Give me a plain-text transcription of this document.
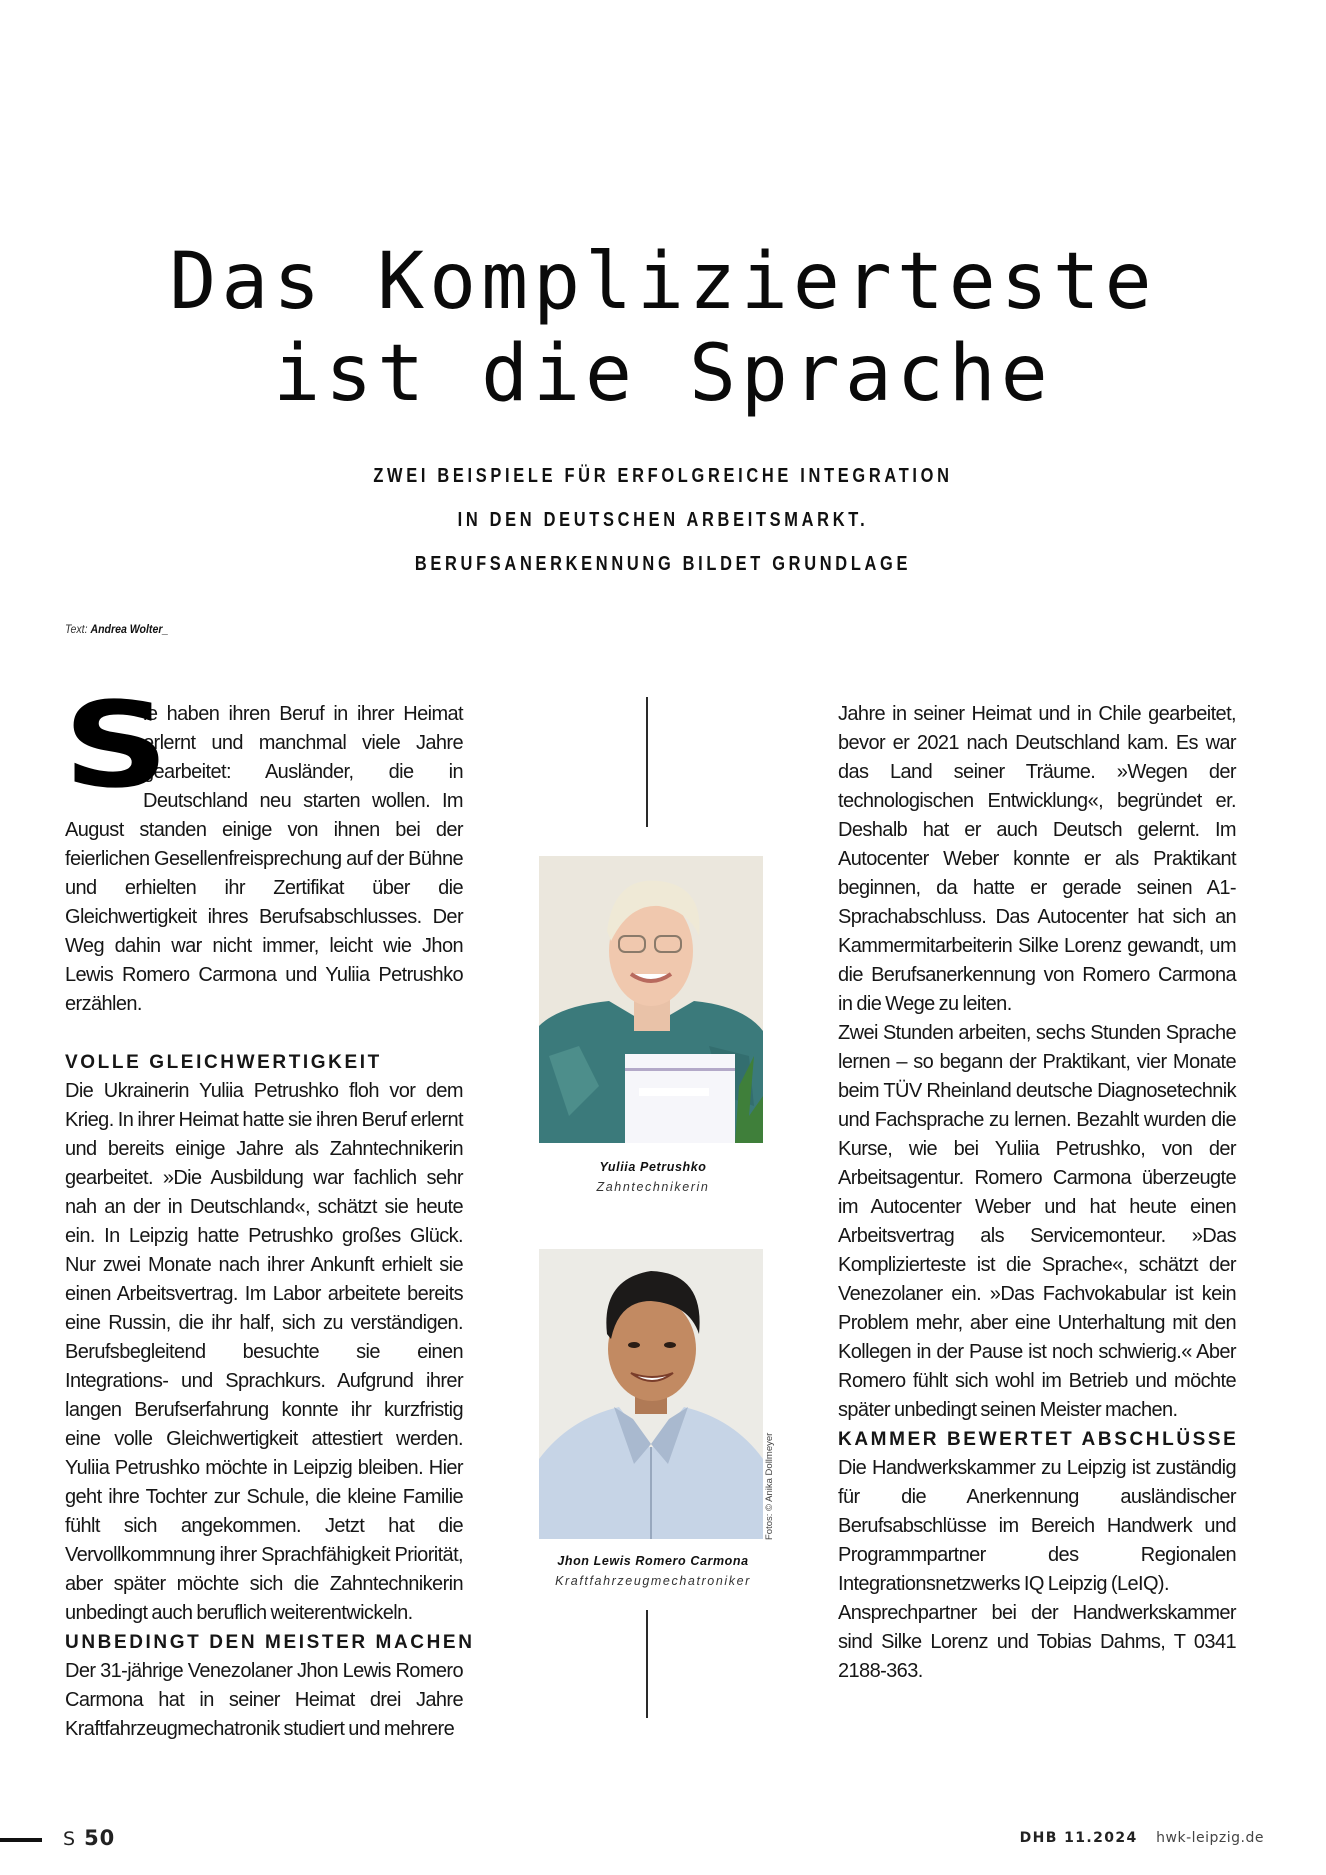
Das Komplizierteste
ist die Sprache
ZWEI BEISPIELE FÜR ERFOLGREICHE INTEGRATION
IN DEN DEUTSCHEN ARBEITSMARKT.
BERUFSANERKENNUNG BILDET GRUNDLAGE
Text: Andrea Wolter_
S

ie haben ihren Beruf in ihrer Heimat erlernt und manchmal viele Jahre gearbeitet: Ausländer, die in Deutschland neu starten wollen. Im August standen einige von ihnen bei der feierlichen Gesellenfreisprechung auf der Bühne und erhielten ihr Zertifikat über die Gleichwertigkeit ihres Berufsabschlusses. Der Weg dahin war nicht immer, leicht wie Jhon Lewis Romero Carmona und Yuliia Petrushko erzählen.

VOLLE GLEICHWERTIGKEIT

Die Ukrainerin Yuliia Petrushko floh vor dem Krieg. In ihrer Heimat hatte sie ihren Beruf erlernt und bereits einige Jahre als Zahntechnikerin gearbeitet. »Die Ausbildung war fachlich sehr nah an der in Deutschland«, schätzt sie heute ein. In Leipzig hatte Petrushko großes Glück. Nur zwei Monate nach ihrer Ankunft erhielt sie einen Arbeitsvertrag. Im Labor arbeitete bereits eine Russin, die ihr half, sich zu verständigen. Berufsbegleitend besuchte sie einen Integrations- und Sprachkurs. Aufgrund ihrer langen Berufserfahrung konnte ihr kurzfristig eine volle Gleichwertigkeit attestiert werden. Yuliia Petrushko möchte in Leipzig bleiben. Hier geht ihre Tochter zur Schule, die kleine Familie fühlt sich angekommen. Jetzt hat die Vervollkommnung ihrer Sprachfähigkeit Priorität, aber später möchte sich die Zahntechnikerin unbedingt auch beruflich weiterentwickeln.

UNBEDINGT DEN MEISTER MACHEN

Der 31-jährige Venezolaner Jhon Lewis Romero Carmona hat in seiner Heimat drei Jahre Kraftfahrzeugmechatronik studiert und mehrere

Yuliia Petrushko
Zahntechnikerin
Fotos: © Anika Dollmeyer
Jhon Lewis Romero Carmona
Kraftfahrzeugmechatroniker

Jahre in seiner Heimat und in Chile gearbeitet, bevor er 2021 nach Deutschland kam. Es war das Land seiner Träume. »Wegen der technologischen Entwicklung«, begründet er. Deshalb hat er auch Deutsch gelernt. Im Autocenter Weber konnte er als Praktikant beginnen, da hatte er gerade seinen A1-Sprachabschluss. Das Autocenter hat sich an Kammermitarbeiterin Silke Lorenz gewandt, um die Berufsanerkennung von Romero Carmona in die Wege zu leiten.

Zwei Stunden arbeiten, sechs Stunden Sprache lernen – so begann der Praktikant, vier Monate beim TÜV Rheinland deutsche Diagnosetechnik und Fachsprache zu lernen. Bezahlt wurden die Kurse, wie bei Yuliia Petrushko, von der Arbeitsagentur. Romero Carmona überzeugte im Autocenter Weber und hat heute einen Arbeitsvertrag als Servicemonteur. »Das Komplizierteste ist die Sprache«, schätzt der Venezolaner ein. »Das Fachvokabular ist kein Problem mehr, aber eine Unterhaltung mit den Kollegen in der Pause ist noch schwierig.« Aber Romero fühlt sich wohl im Betrieb und möchte später unbedingt seinen Meister machen.

KAMMER BEWERTET ABSCHLÜSSE

Die Handwerkskammer zu Leipzig ist zuständig für die Anerkennung ausländischer Berufsabschlüsse im Bereich Handwerk und Programmpartner des Regionalen Integrationsnetzwerks IQ Leipzig (LeIQ).

Ansprechpartner bei der Handwerkskammer sind Silke Lorenz und Tobias Dahms, T 0341 2188-363.

S 50	DHB 11.2024 hwk-leipzig.de
